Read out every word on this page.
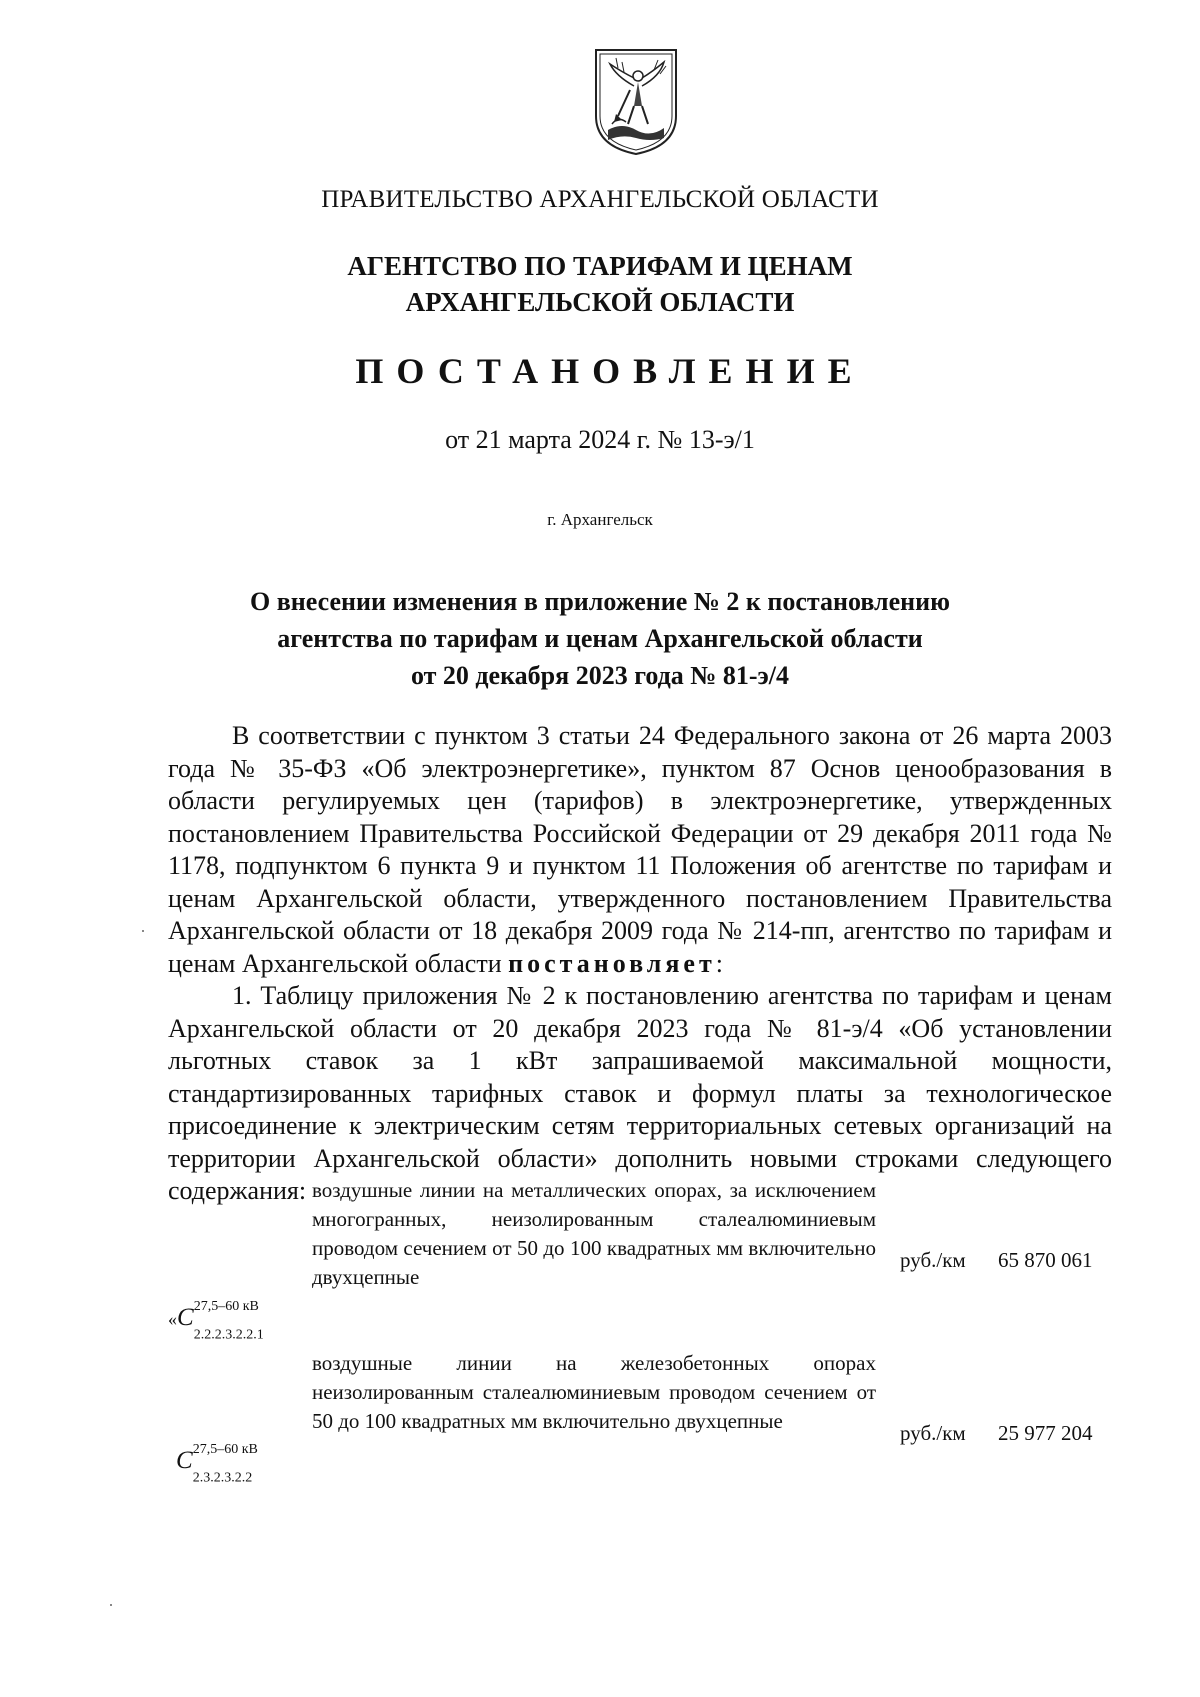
ПРАВИТЕЛЬСТВО АРХАНГЕЛЬСКОЙ ОБЛАСТИ
АГЕНТСТВО ПО ТАРИФАМ И ЦЕНАМ
АРХАНГЕЛЬСКОЙ ОБЛАСТИ
ПОСТАНОВЛЕНИЕ
от 21 марта 2024 г. № 13-э/1
г. Архангельск
О внесении изменения в приложение № 2 к постановлению
агентства по тарифам и ценам Архангельской области
от 20 декабря 2023 года № 81-э/4

В соответствии с пунктом 3 статьи 24 Федерального закона от 26 марта 2003 года № 35-ФЗ «Об электроэнергетике», пунктом 87 Основ ценообразования в области регулируемых цен (тарифов) в электроэнергетике, утвержденных постановлением Правительства Российской Федерации от 29 декабря 2011 года № 1178, подпунктом 6 пункта 9 и пунктом 11 Положения об агентстве по тарифам и ценам Архангельской области, утвержденного постановлением Правительства Архангельской области от 18 декабря 2009 года № 214-пп, агентство по тарифам и ценам Архангельской области постановляет:

1. Таблицу приложения № 2 к постановлению агентства по тарифам и ценам Архангельской области от 20 декабря 2023 года № 81-э/4 «Об установлении льготных ставок за 1 кВт запрашиваемой максимальной мощности, стандартизированных тарифных ставок и формул платы за технологическое присоединение к электрическим сетям территориальных сетевых организаций на территории Архангельской области» дополнить новыми строками следующего содержания:

«$C^{27,5-60 кВ}$
$_{2.2.2.3.2.2.1}$
воздушные линии на металлических опорах, за исключением многогранных, неизолированным сталеалюминиевым проводом сечением от 50 до 100 квадратных мм включительно двухцепные
руб./км 65 870 061
$C^{27,5-60 кВ}$
$_{2.3.2.3.2.2}$
воздушные линии на железобетонных опорах неизолированным сталеалюминиевым проводом сечением от 50 до 100 квадратных мм включительно двухцепные	руб./км 25 977 204
